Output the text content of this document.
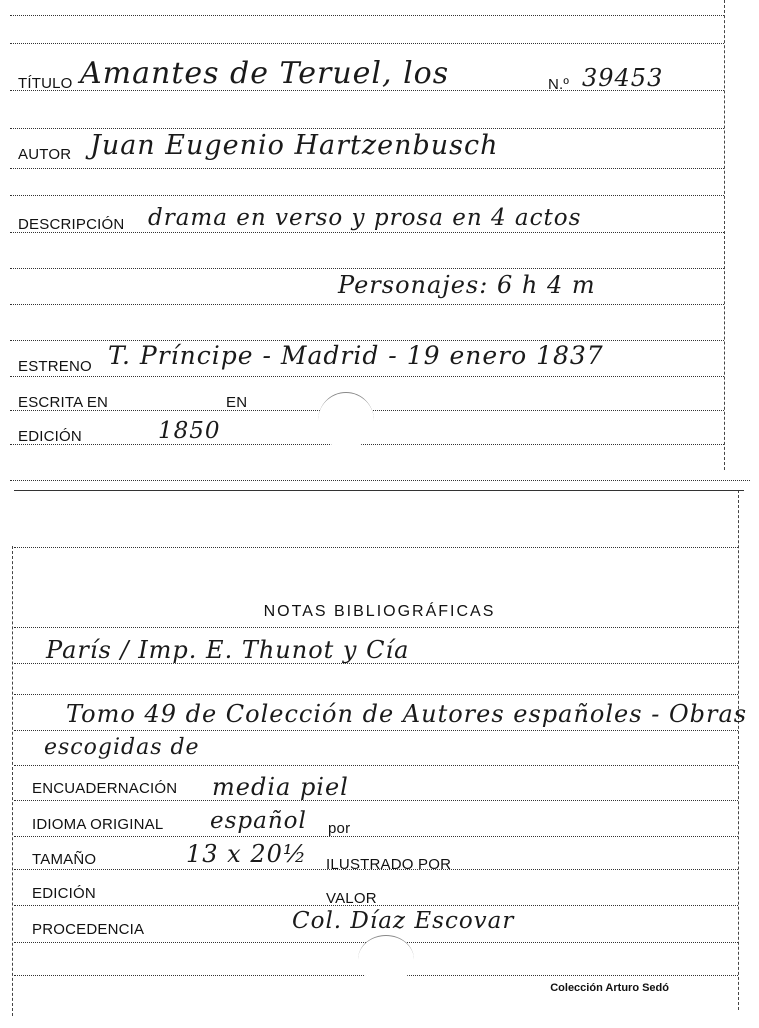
TÍTULO Amantes de Teruel, los	N.º 39453
AUTOR Juan Eugenio Hartzenbusch
DESCRIPCIÓN drama en verso y prosa en 4 actos
Personajes: 6 h 4 m
ESTRENO T. Príncipe - Madrid - 19 enero 1837
ESCRITA EN	EN
EDICIÓN	1850
NOTAS BIBLIOGRÁFICAS
París / Imp. E. Thunot y Cía
Tomo 49 de Colección de Autores españoles - Obras
escogidas de
ENCUADERNACIÓN media piel
IDIOMA ORIGINAL español por
TAMAÑO	13 x 20½ ILUSTRADO POR
EDICIÓN	VALOR
PROCEDENCIA	Col. Díaz Escovar
Colección Arturo Sedó
